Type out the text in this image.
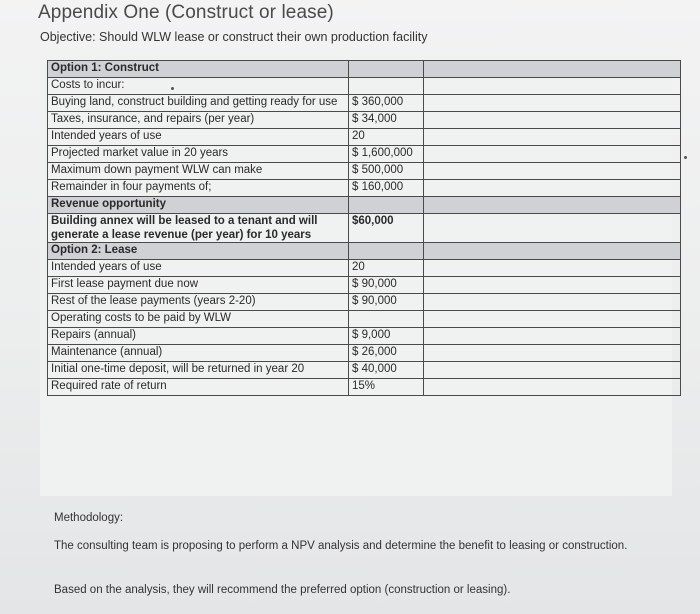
Appendix One (Construct or lease)
Objective: Should WLW lease or construct their own production facility
Option 1: Construct		
Costs to incur:		
Buying land, construct building and getting ready for use	$ 360,000	
Taxes, insurance, and repairs (per year)	$ 34,000	
Intended years of use	20	
Projected market value in 20 years	$ 1,600,000	
Maximum down payment WLW can make	$ 500,000	
Remainder in four payments of;	$ 160,000	
Revenue opportunity		
Building annex will be leased to a tenant and will generate a lease revenue (per year) for 10 years	$60,000	
Option 2: Lease		
Intended years of use	20	
First lease payment due now	$ 90,000	
Rest of the lease payments (years 2-20)	$ 90,000	
Operating costs to be paid by WLW		
Repairs (annual)	$ 9,000	
Maintenance (annual)	$ 26,000	
Initial one-time deposit, will be returned in year 20	$ 40,000	
Required rate of return	15%	
Methodology:
The consulting team is proposing to perform a NPV analysis and determine the benefit to leasing or construction.
Based on the analysis, they will recommend the preferred option (construction or leasing).
